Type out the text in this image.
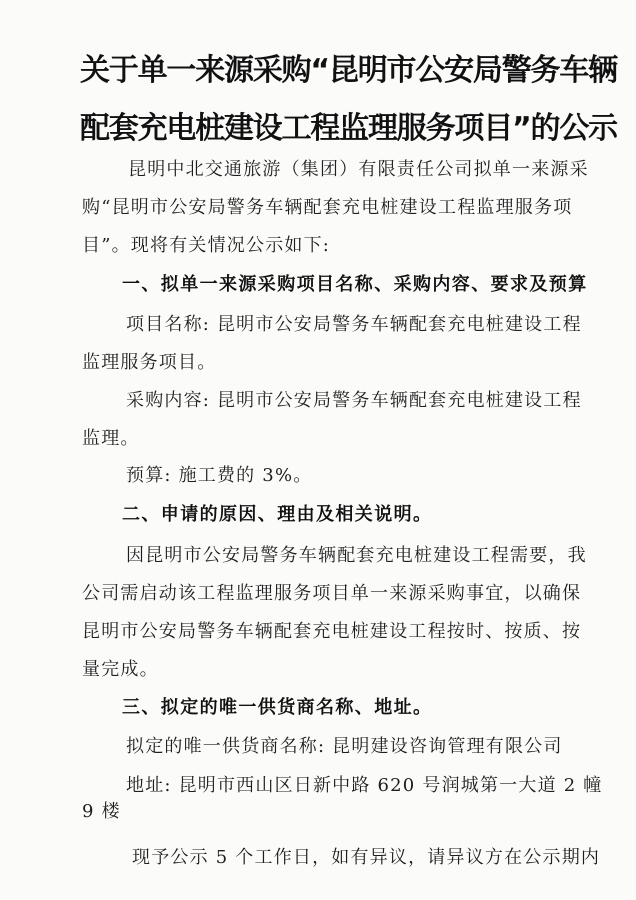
关于单一来源采购“昆明市公安局警务车辆
配套充电桩建设工程监理服务项目”的公示
昆明中北交通旅游（集团）有限责任公司拟单一来源采
购“昆明市公安局警务车辆配套充电桩建设工程监理服务项
目”。现将有关情况公示如下:
一、拟单一来源采购项目名称、采购内容、要求及预算
项目名称: 昆明市公安局警务车辆配套充电桩建设工程
监理服务项目。
采购内容: 昆明市公安局警务车辆配套充电桩建设工程
监理。
预算: 施工费的 3%。
二、申请的原因、理由及相关说明。
因昆明市公安局警务车辆配套充电桩建设工程需要，我
公司需启动该工程监理服务项目单一来源采购事宜，以确保
昆明市公安局警务车辆配套充电桩建设工程按时、按质、按
量完成。
三、拟定的唯一供货商名称、地址。
拟定的唯一供货商名称: 昆明建设咨询管理有限公司
地址: 昆明市西山区日新中路 620 号润城第一大道 2 幢
9 楼
现予公示 5 个工作日，如有异议，请异议方在公示期内
